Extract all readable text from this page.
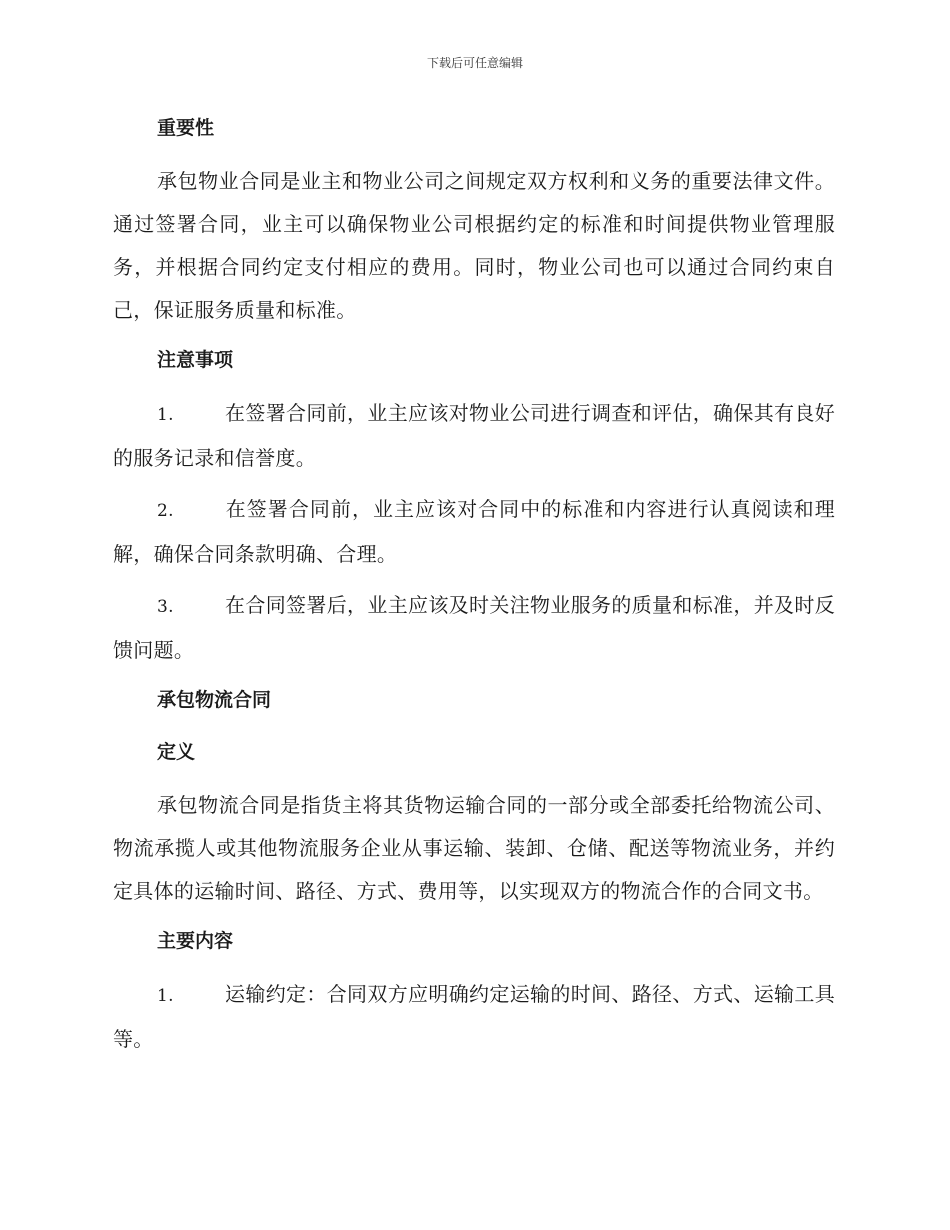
下载后可任意编辑
重要性

承包物业合同是业主和物业公司之间规定双方权利和义务的重要法律文件。通过签署合同，业主可以确保物业公司根据约定的标准和时间提供物业管理服务，并根据合同约定支付相应的费用。同时，物业公司也可以通过合同约束自己，保证服务质量和标准。

注意事项

1.	在签署合同前，业主应该对物业公司进行调查和评估，确保其有良好的服务记录和信誉度。

2.	在签署合同前，业主应该对合同中的标准和内容进行认真阅读和理解，确保合同条款明确、合理。

3.	在合同签署后，业主应该及时关注物业服务的质量和标准，并及时反馈问题。

承包物流合同
定义

承包物流合同是指货主将其货物运输合同的一部分或全部委托给物流公司、物流承揽人或其他物流服务企业从事运输、装卸、仓储、配送等物流业务，并约定具体的运输时间、路径、方式、费用等，以实现双方的物流合作的合同文书。

主要内容

1.	运输约定：合同双方应明确约定运输的时间、路径、方式、运输工具等。
